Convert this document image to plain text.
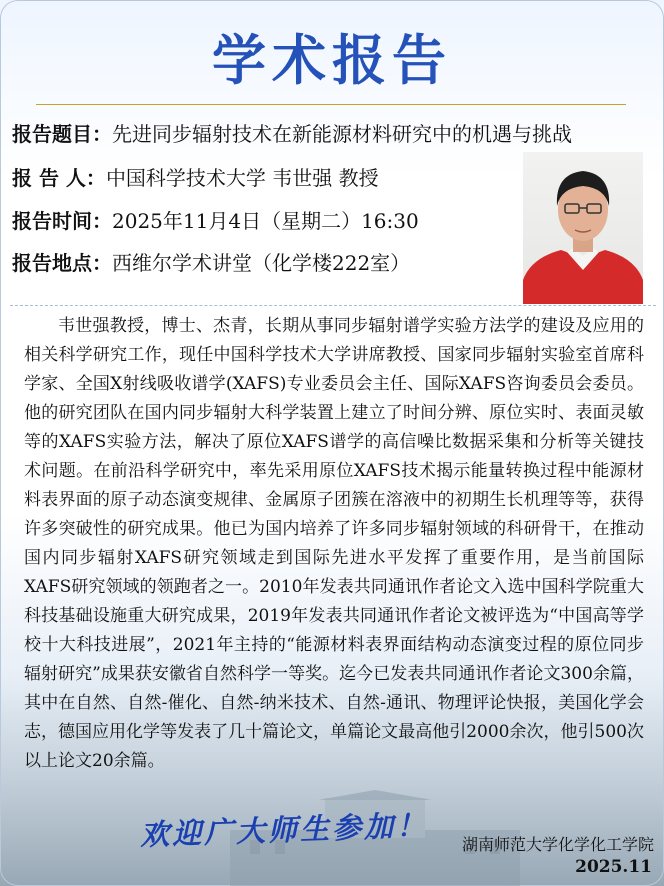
学术报告
报告题目：先进同步辐射技术在新能源材料研究中的机遇与挑战
报 告 人：中国科学技术大学 韦世强 教授
报告时间：2025年11月4日（星期二）16:30
报告地点：西维尔学术讲堂（化学楼222室）

韦世强教授，博士、杰青，长期从事同步辐射谱学实验方法学的建设及应用的相关科学研究工作，现任中国科学技术大学讲席教授、国家同步辐射实验室首席科学家、全国X射线吸收谱学(XAFS)专业委员会主任、国际XAFS咨询委员会委员。他的研究团队在国内同步辐射大科学装置上建立了时间分辨、原位实时、表面灵敏等的XAFS实验方法，解决了原位XAFS谱学的高信噪比数据采集和分析等关键技术问题。在前沿科学研究中，率先采用原位XAFS技术揭示能量转换过程中能源材料表界面的原子动态演变规律、金属原子团簇在溶液中的初期生长机理等等，获得许多突破性的研究成果。他已为国内培养了许多同步辐射领域的科研骨干，在推动国内同步辐射XAFS研究领域走到国际先进水平发挥了重要作用，是当前国际XAFS研究领域的领跑者之一。2010年发表共同通讯作者论文入选中国科学院重大科技基础设施重大研究成果，2019年发表共同通讯作者论文被评选为“中国高等学校十大科技进展”，2021年主持的“能源材料表界面结构动态演变过程的原位同步辐射研究”成果获安徽省自然科学一等奖。迄今已发表共同通讯作者论文300余篇，其中在自然、自然-催化、自然-纳米技术、自然-通讯、物理评论快报，美国化学会志，德国应用化学等发表了几十篇论文，单篇论文最高他引2000余次，他引500次以上论文20余篇。

欢迎广大师生参加！ 湖南师范大学化学化工学院
2025.11
